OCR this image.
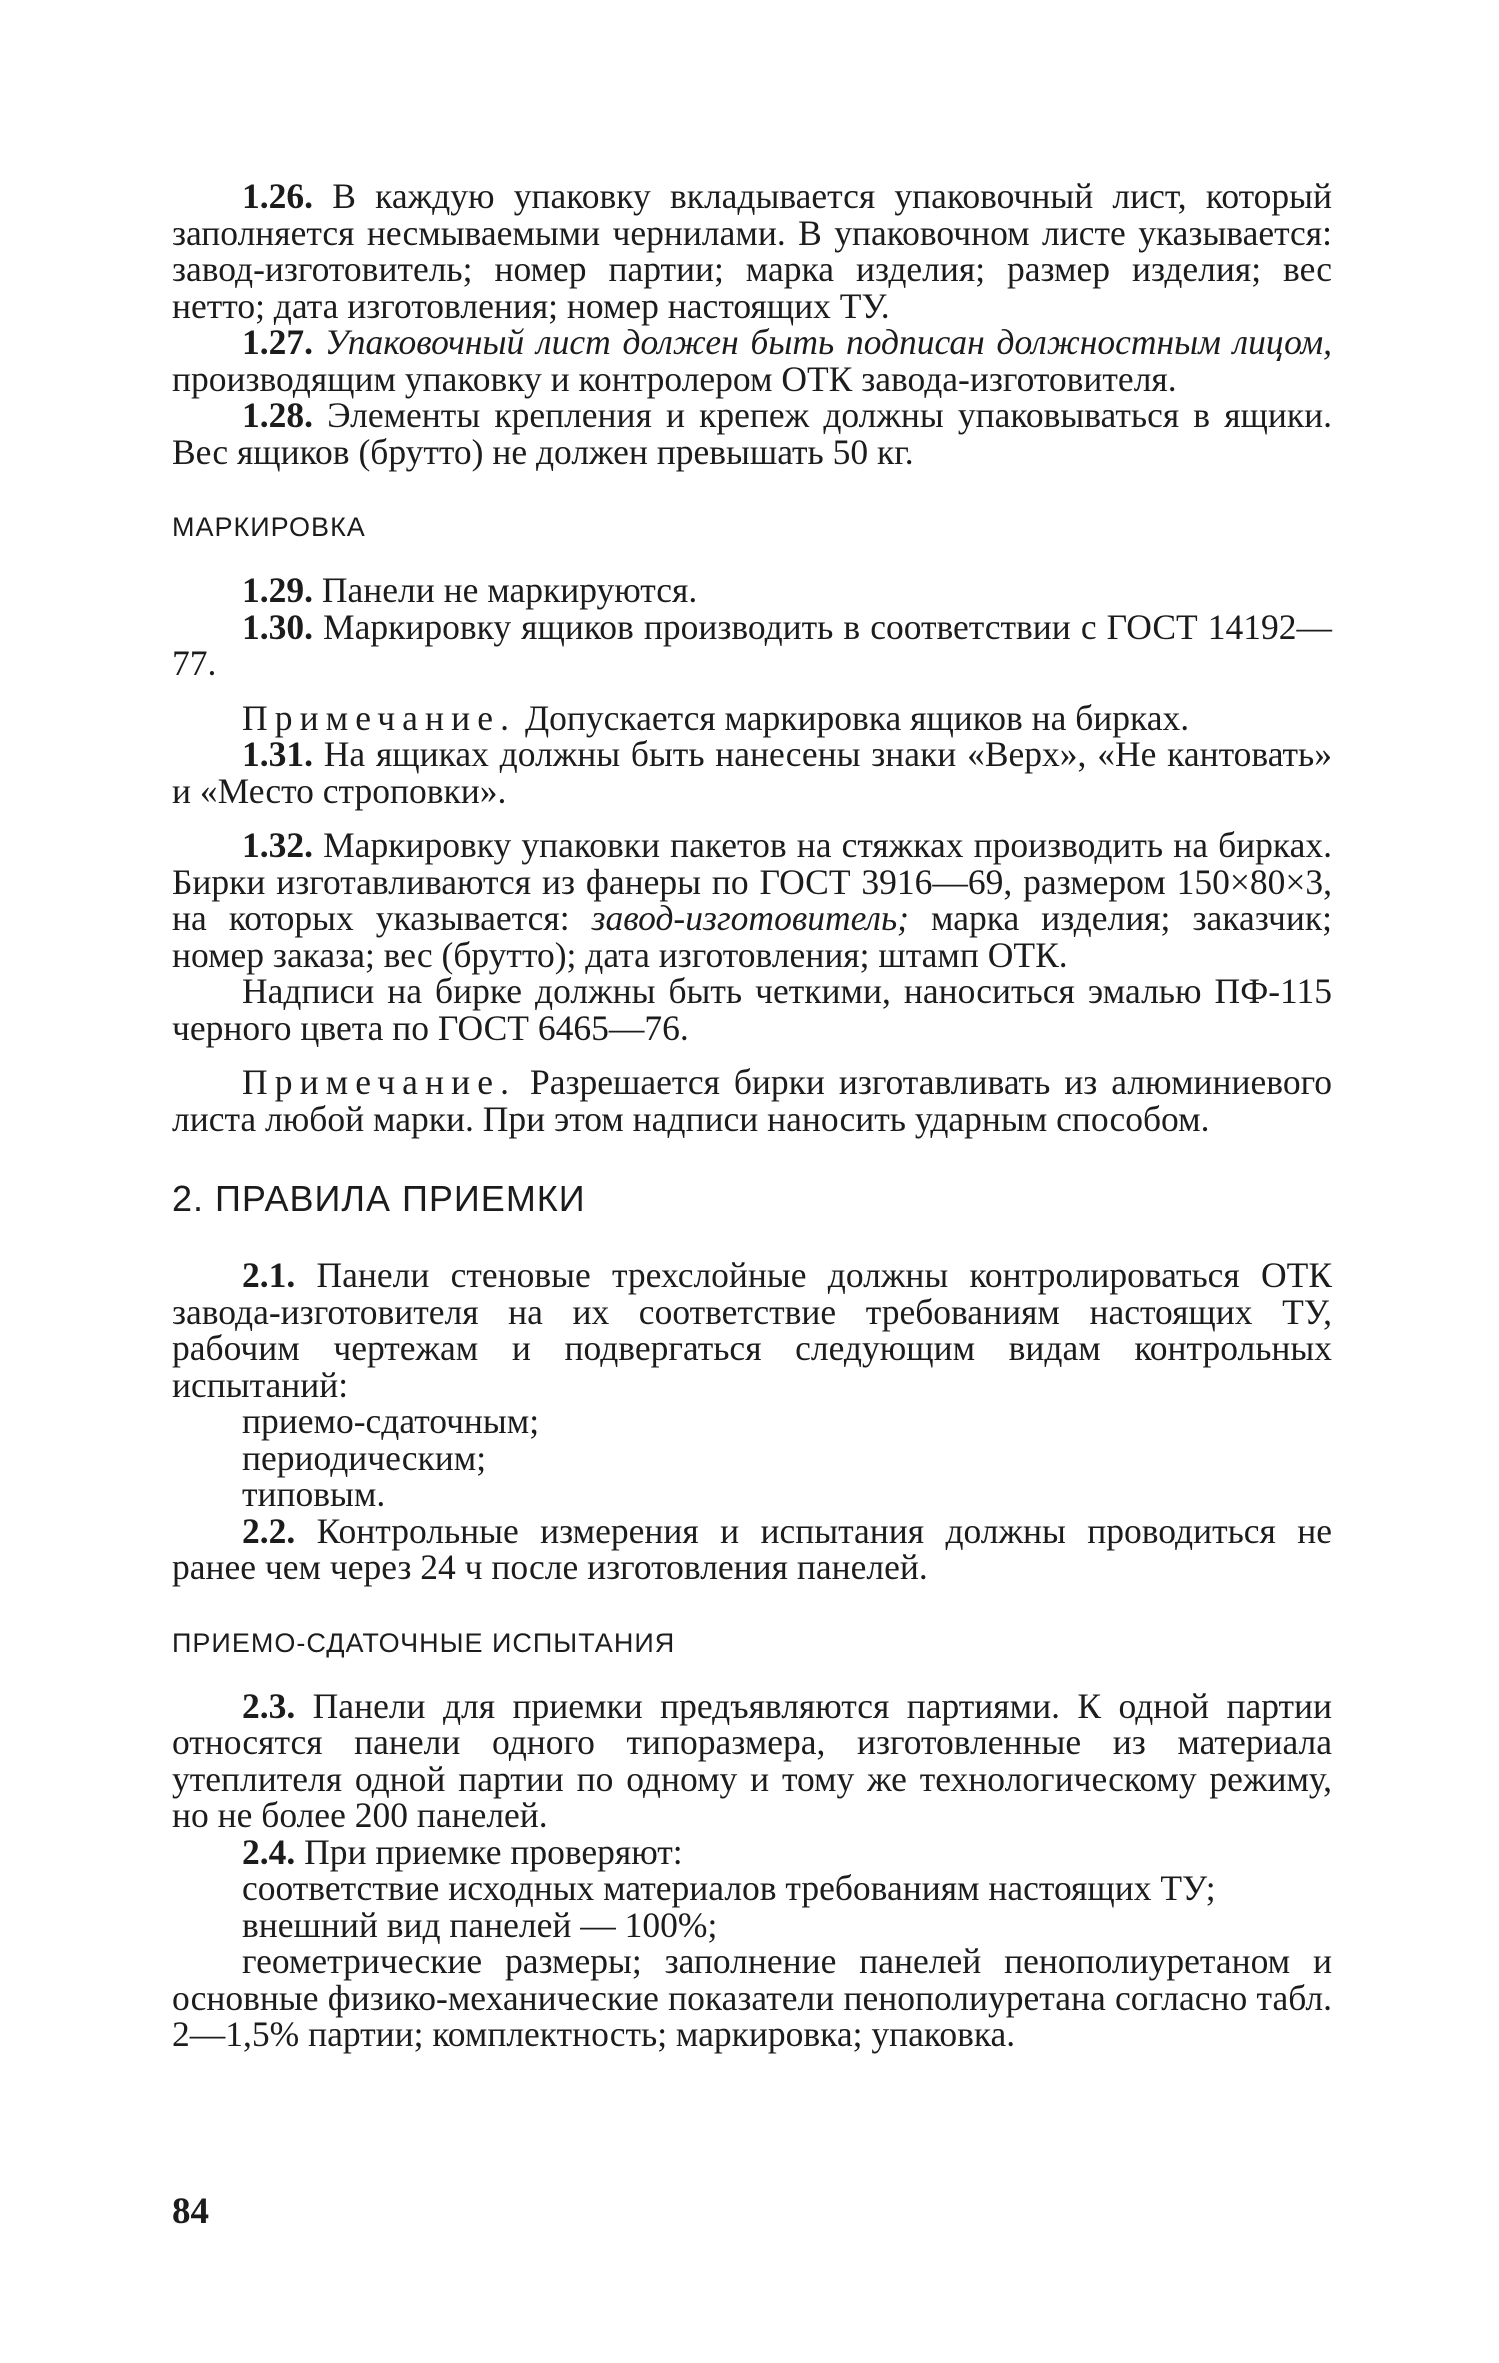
1.26. В каждую упаковку вкладывается упаковочный лист, который заполняется несмываемыми чернилами. В упаковочном листе указывается: завод-изготовитель; номер партии; марка изделия; размер изделия; вес нетто; дата изготовления; номер настоящих ТУ.

1.27. Упаковочный лист должен быть подписан должностным лицом, производящим упаковку и контролером ОТК завода-изготовителя.

1.28. Элементы крепления и крепеж должны упаковываться в ящики. Вес ящиков (брутто) не должен превышать 50 кг.

МАРКИРОВКА

1.29. Панели не маркируются.

1.30. Маркировку ящиков производить в соответствии с ГОСТ 14192—77.

Примечание. Допускается маркировка ящиков на бирках.

1.31. На ящиках должны быть нанесены знаки «Верх», «Не кантовать» и «Место строповки».

1.32. Маркировку упаковки пакетов на стяжках производить на бирках. Бирки изготавливаются из фанеры по ГОСТ 3916—69, размером 150×80×3, на которых указывается: завод-изготовитель; марка изделия; заказчик; номер заказа; вес (брутто); дата изготовления; штамп ОТК.

Надписи на бирке должны быть четкими, наноситься эмалью ПФ-115 черного цвета по ГОСТ 6465—76.

Примечание. Разрешается бирки изготавливать из алюминиевого листа любой марки. При этом надписи наносить ударным способом.

2. ПРАВИЛА ПРИЕМКИ

2.1. Панели стеновые трехслойные должны контролироваться ОТК завода-изготовителя на их соответствие требованиям настоящих ТУ, рабочим чертежам и подвергаться следующим видам контрольных испытаний:

приемо-сдаточным;

периодическим;

типовым.

2.2. Контрольные измерения и испытания должны проводиться не ранее чем через 24 ч после изготовления панелей.

ПРИЕМО-СДАТОЧНЫЕ ИСПЫТАНИЯ

2.3. Панели для приемки предъявляются партиями. К одной партии относятся панели одного типоразмера, изготовленные из материала утеплителя одной партии по одному и тому же технологическому режиму, но не более 200 панелей.

2.4. При приемке проверяют:

соответствие исходных материалов требованиям настоящих ТУ;

внешний вид панелей — 100%;

геометрические размеры; заполнение панелей пенополиуретаном и основные физико-механические показатели пенополиуретана согласно табл. 2—1,5% партии; комплектность; маркировка; упаковка.

84
